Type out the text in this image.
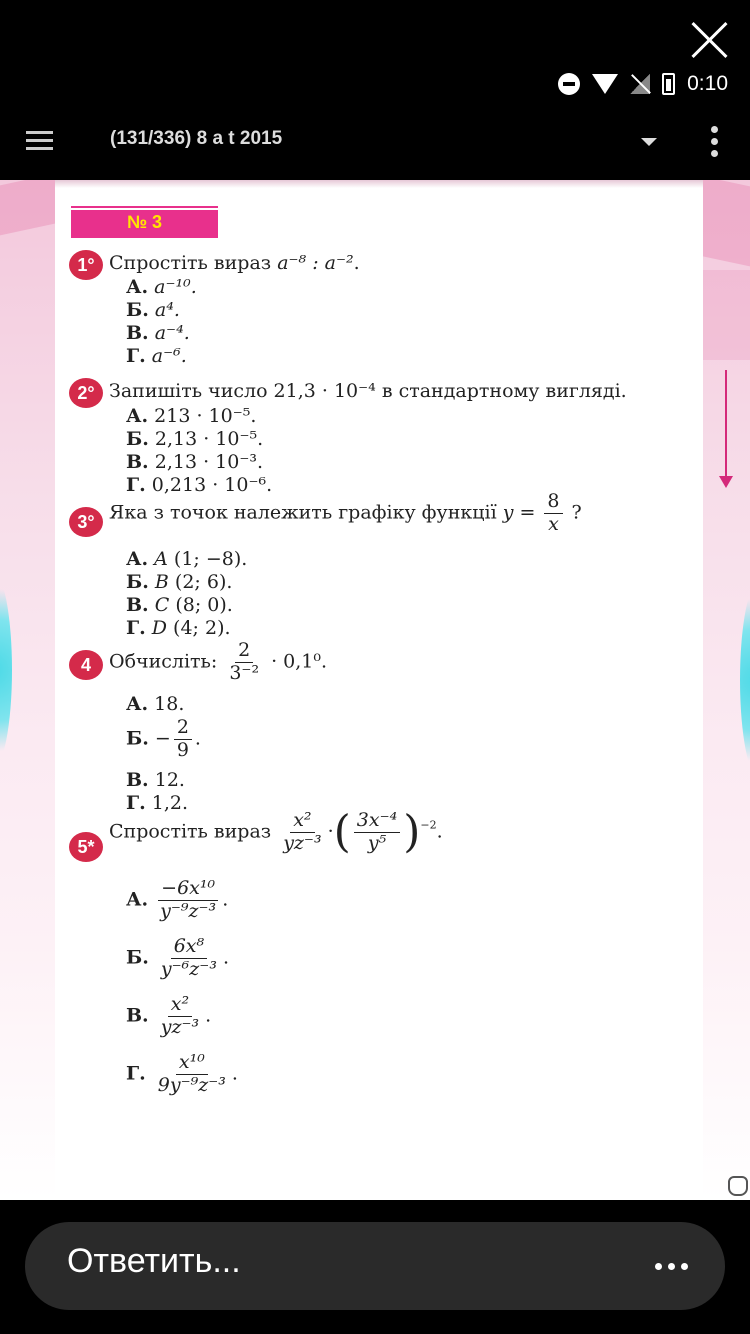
0:10
(131/336) 8 a t 2015
№ 3
1° Спростіть вираз a⁻⁸ : a⁻².
А. a⁻¹⁰.
Б. a⁴.
В. a⁻⁴.
Г. a⁻⁶.
2° Запишіть число 21,3 · 10⁻⁴ в стандартному вигляді.
А. 213 · 10⁻⁵.
Б. 2,13 · 10⁻⁵.
В. 2,13 · 10⁻³.
Г. 0,213 · 10⁻⁶.
3° Яка з точок належить графіку функції $y = \frac{8}{x}$ ?
А. A (1; −8).
Б. B (2; 6).
В. C (8; 0).
Г. D (4; 2).
4 Обчисліть: $\frac{2}{\text{3⁻²}} \cdot 0,1^0$.
А. 18.
Б. − $\frac{2}{9}$ .
В. 12.
Г. 1,2.
5*
Спростіть вираз $\frac{\text{x²}}{\text{yz⁻³}}$ ·( $\frac{\text{3x⁻⁴}}{\text{y⁵}} )^{-2}$.
А. $\frac{\text{−6x¹⁰}}{\text{y⁻⁹z⁻³}}$ .
Б. $\frac{\text{6x⁸}}{\text{y⁻⁶z⁻³}}$ .
В. $\frac{\text{x²}}{\text{yz⁻³}}$ .
Г. $\frac{\text{x¹⁰}}{\text{9y⁻⁹z⁻³}}$ .
Ответить...
